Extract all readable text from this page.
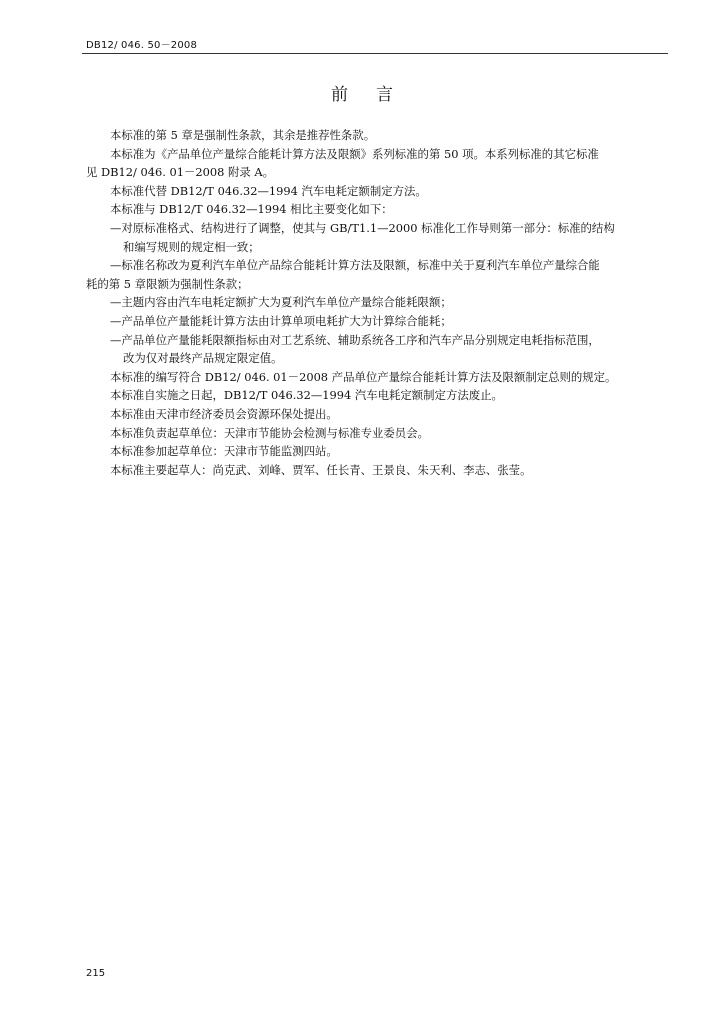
DB12/ 046. 50－2008
前言

本标准的第 5 章是强制性条款，其余是推荐性条款。

本标准为《产品单位产量综合能耗计算方法及限额》系列标准的第 50 项。本系列标准的其它标准

见 DB12/ 046. 01－2008 附录 A。

本标准代替 DB12/T 046.32—1994 汽车电耗定额制定方法。

本标准与 DB12/T 046.32—1994 相比主要变化如下：

—对原标准格式、结构进行了调整，使其与 GB/T1.1—2000 标准化工作导则第一部分：标准的结构

和编写规则的规定相一致；

—标准名称改为夏利汽车单位产品综合能耗计算方法及限额，标准中关于夏利汽车单位产量综合能

耗的第 5 章限额为强制性条款；

—主题内容由汽车电耗定额扩大为夏利汽车单位产量综合能耗限额；

—产品单位产量能耗计算方法由计算单项电耗扩大为计算综合能耗；

—产品单位产量能耗限额指标由对工艺系统、辅助系统各工序和汽车产品分别规定电耗指标范围，

改为仅对最终产品规定限定值。

本标准的编写符合 DB12/ 046. 01－2008 产品单位产量综合能耗计算方法及限额制定总则的规定。

本标准自实施之日起，DB12/T 046.32—1994 汽车电耗定额制定方法废止。

本标准由天津市经济委员会资源环保处提出。

本标准负责起草单位：天津市节能协会检测与标准专业委员会。

本标准参加起草单位：天津市节能监测四站。

本标准主要起草人：尚克武、刘峰、贾军、任长青、王景良、朱天利、李志、张莹。

215
